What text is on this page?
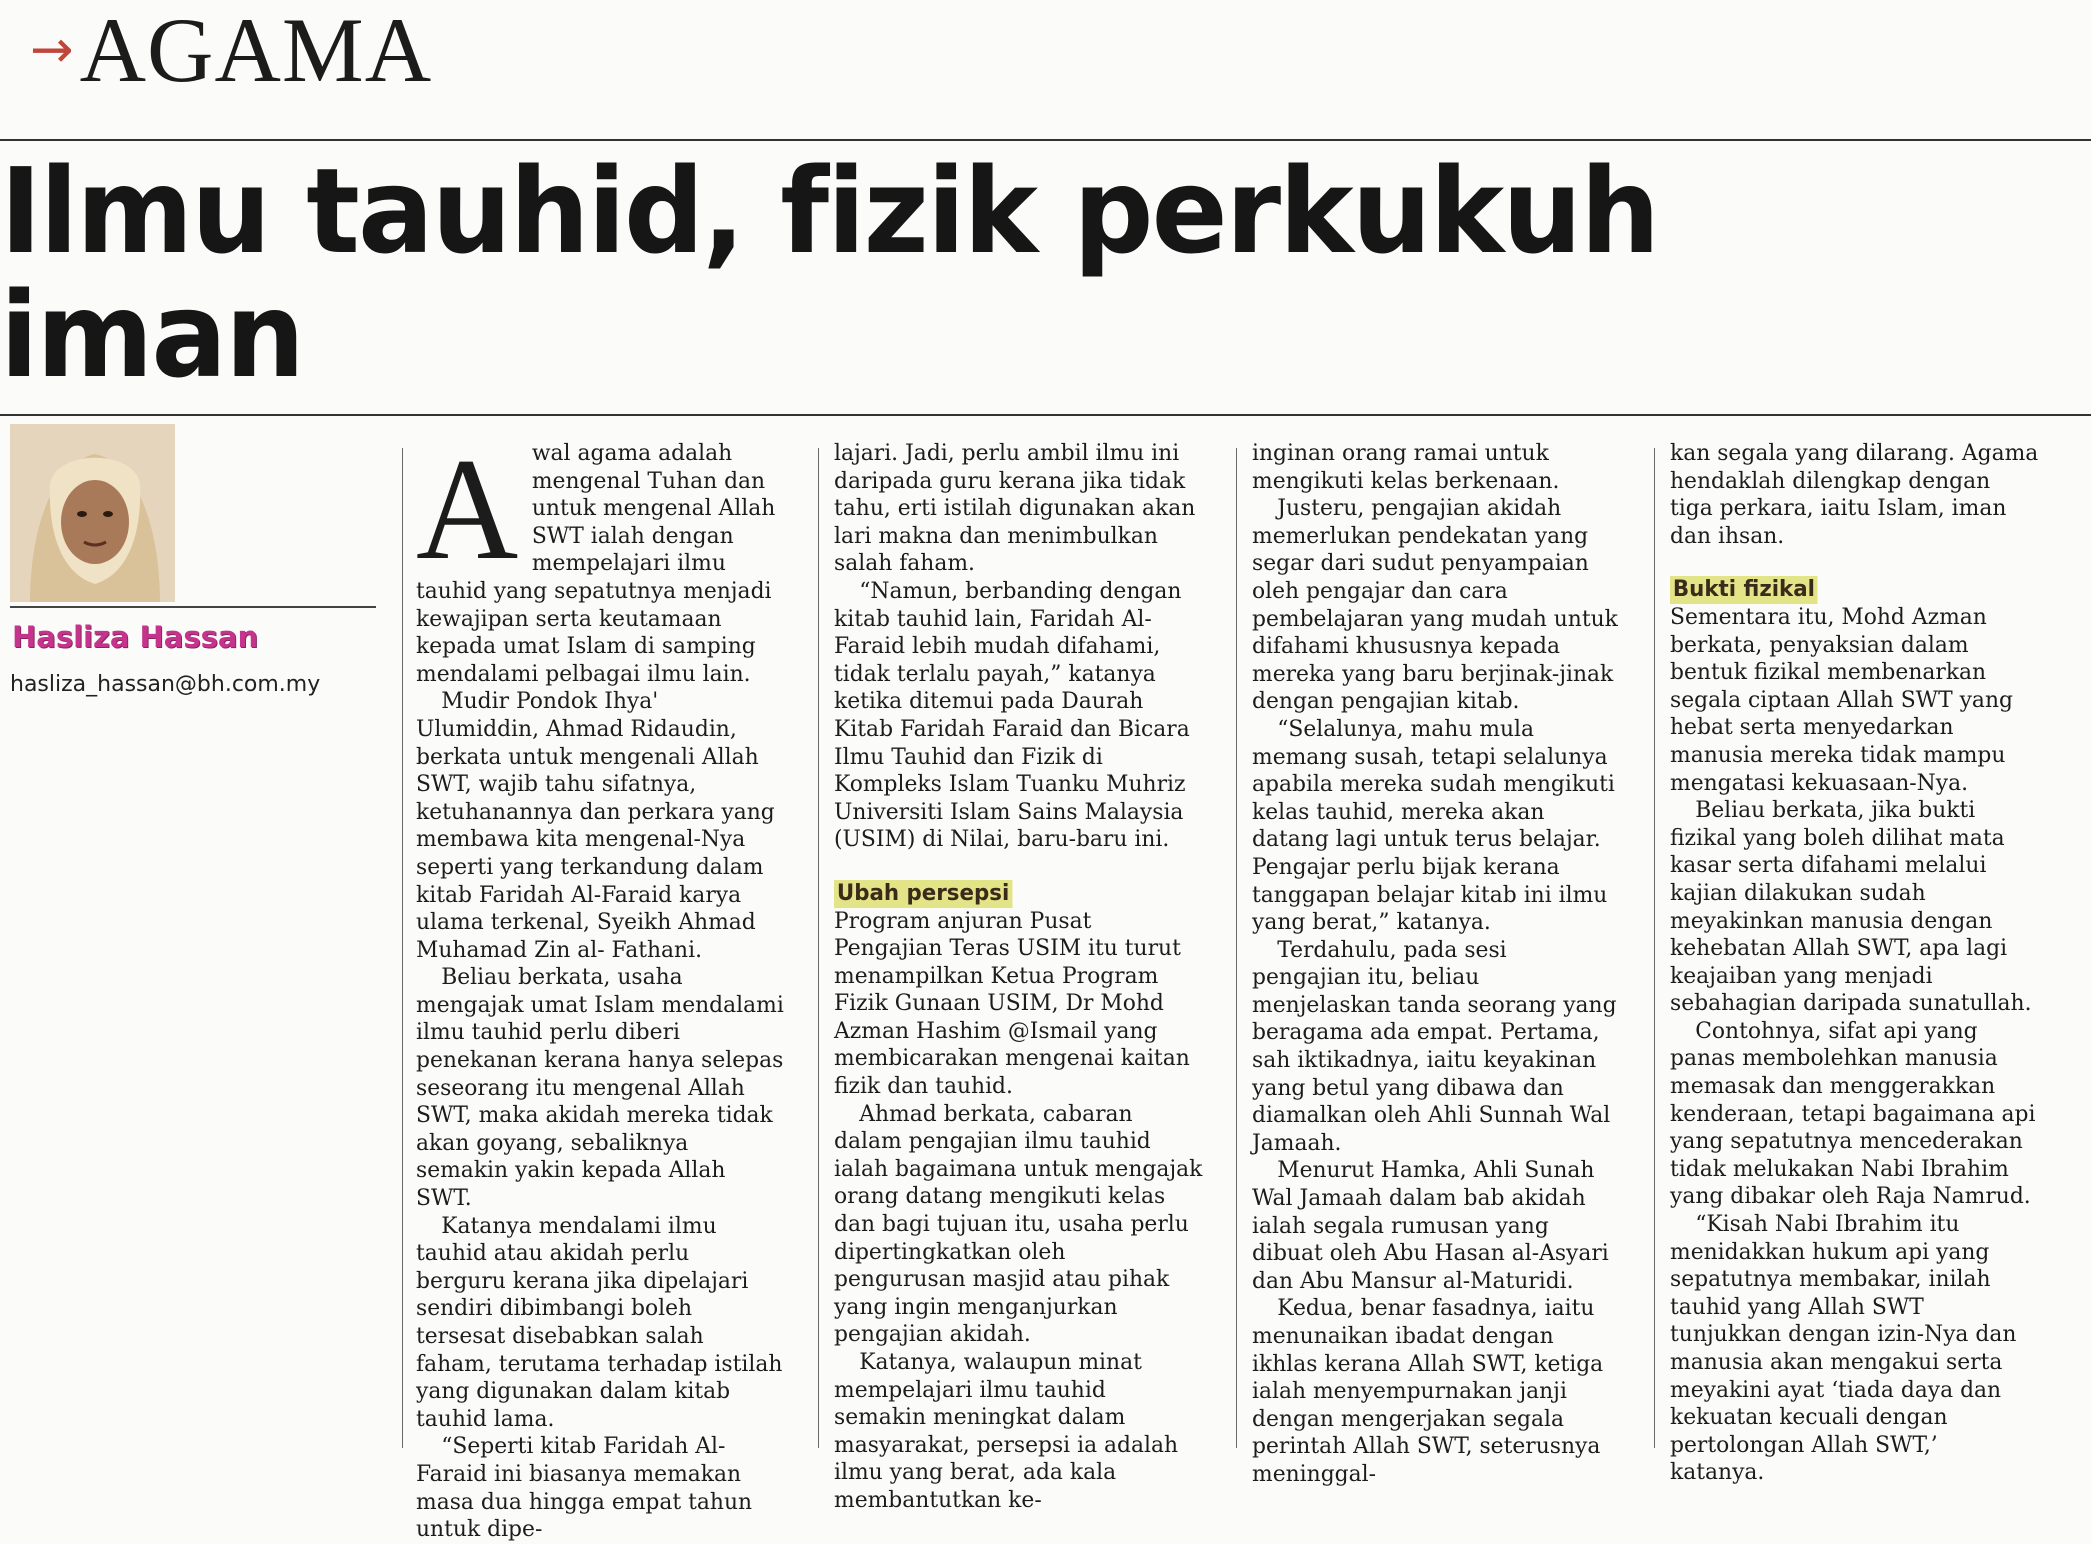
→ AGAMA
Ilmu tauhid, fizik perkukuh iman
Hasliza Hassan
hasliza_hassan@bh.com.my

Awal agama adalah mengenal Tuhan dan untuk mengenal Allah SWT ialah dengan mempelajari ilmu tauhid yang sepatutnya menjadi kewajipan serta keutamaan kepada umat Islam di samping mendalami pelbagai ilmu lain.

Mudir Pondok Ihya' Ulumiddin, Ahmad Ridaudin, berkata untuk mengenali Allah SWT, wajib tahu sifatnya, ketuhanannya dan perkara yang membawa kita mengenal-Nya seperti yang terkandung dalam kitab Faridah Al-Faraid karya ulama terkenal, Syeikh Ahmad Muhamad Zin al- Fathani.

Beliau berkata, usaha mengajak umat Islam mendalami ilmu tauhid perlu diberi penekanan kerana hanya selepas seseorang itu mengenal Allah SWT, maka akidah mereka tidak akan goyang, sebaliknya semakin yakin kepada Allah SWT.

Katanya mendalami ilmu tauhid atau akidah perlu berguru kerana jika dipelajari sendiri dibimbangi boleh tersesat disebabkan salah faham, terutama terhadap istilah yang digunakan dalam kitab tauhid lama.

“Seperti kitab Faridah Al-Faraid ini biasanya memakan masa dua hingga empat tahun untuk dipe-

lajari. Jadi, perlu ambil ilmu ini daripada guru kerana jika tidak tahu, erti istilah digunakan akan lari makna dan menimbulkan salah faham.

“Namun, berbanding dengan kitab tauhid lain, Faridah Al-Faraid lebih mudah difahami, tidak terlalu payah,” katanya ketika ditemui pada Daurah Kitab Faridah Faraid dan Bicara Ilmu Tauhid dan Fizik di Kompleks Islam Tuanku Muhriz Universiti Islam Sains Malaysia (USIM) di Nilai, baru-baru ini.

Ubah persepsi

Program anjuran Pusat Pengajian Teras USIM itu turut menampilkan Ketua Program Fizik Gunaan USIM, Dr Mohd Azman Hashim @Ismail yang membicarakan mengenai kaitan fizik dan tauhid.

Ahmad berkata, cabaran dalam pengajian ilmu tauhid ialah bagaimana untuk mengajak orang datang mengikuti kelas dan bagi tujuan itu, usaha perlu dipertingkatkan oleh pengurusan masjid atau pihak yang ingin menganjurkan pengajian akidah.

Katanya, walaupun minat mempelajari ilmu tauhid semakin meningkat dalam masyarakat, persepsi ia adalah ilmu yang berat, ada kala membantutkan ke-

inginan orang ramai untuk mengikuti kelas berkenaan.

Justeru, pengajian akidah memerlukan pendekatan yang segar dari sudut penyampaian oleh pengajar dan cara pembelajaran yang mudah untuk difahami khususnya kepada mereka yang baru berjinak-jinak dengan pengajian kitab.

“Selalunya, mahu mula memang susah, tetapi selalunya apabila mereka sudah mengikuti kelas tauhid, mereka akan datang lagi untuk terus belajar. Pengajar perlu bijak kerana tanggapan belajar kitab ini ilmu yang berat,” katanya.

Terdahulu, pada sesi pengajian itu, beliau menjelaskan tanda seorang yang beragama ada empat. Pertama, sah iktikadnya, iaitu keyakinan yang betul yang dibawa dan diamalkan oleh Ahli Sunnah Wal Jamaah.

Menurut Hamka, Ahli Sunah Wal Jamaah dalam bab akidah ialah segala rumusan yang dibuat oleh Abu Hasan al-Asyari dan Abu Mansur al-Maturidi.

Kedua, benar fasadnya, iaitu menunaikan ibadat dengan ikhlas kerana Allah SWT, ketiga ialah menyempurnakan janji dengan mengerjakan segala perintah Allah SWT, seterusnya meninggal-

kan segala yang dilarang. Agama hendaklah dilengkap dengan tiga perkara, iaitu Islam, iman dan ihsan.

Bukti fizikal

Sementara itu, Mohd Azman berkata, penyaksian dalam bentuk fizikal membenarkan segala ciptaan Allah SWT yang hebat serta menyedarkan manusia mereka tidak mampu mengatasi kekuasaan-Nya.

Beliau berkata, jika bukti fizikal yang boleh dilihat mata kasar serta difahami melalui kajian dilakukan sudah meyakinkan manusia dengan kehebatan Allah SWT, apa lagi keajaiban yang menjadi sebahagian daripada sunatullah.

Contohnya, sifat api yang panas membolehkan manusia memasak dan menggerakkan kenderaan, tetapi bagaimana api yang sepatutnya mencederakan tidak melukakan Nabi Ibrahim yang dibakar oleh Raja Namrud.

“Kisah Nabi Ibrahim itu menidakkan hukum api yang sepatutnya membakar, inilah tauhid yang Allah SWT tunjukkan dengan izin-Nya dan manusia akan mengakui serta meyakini ayat ‘tiada daya dan kekuatan kecuali dengan pertolongan Allah SWT,’ katanya.
